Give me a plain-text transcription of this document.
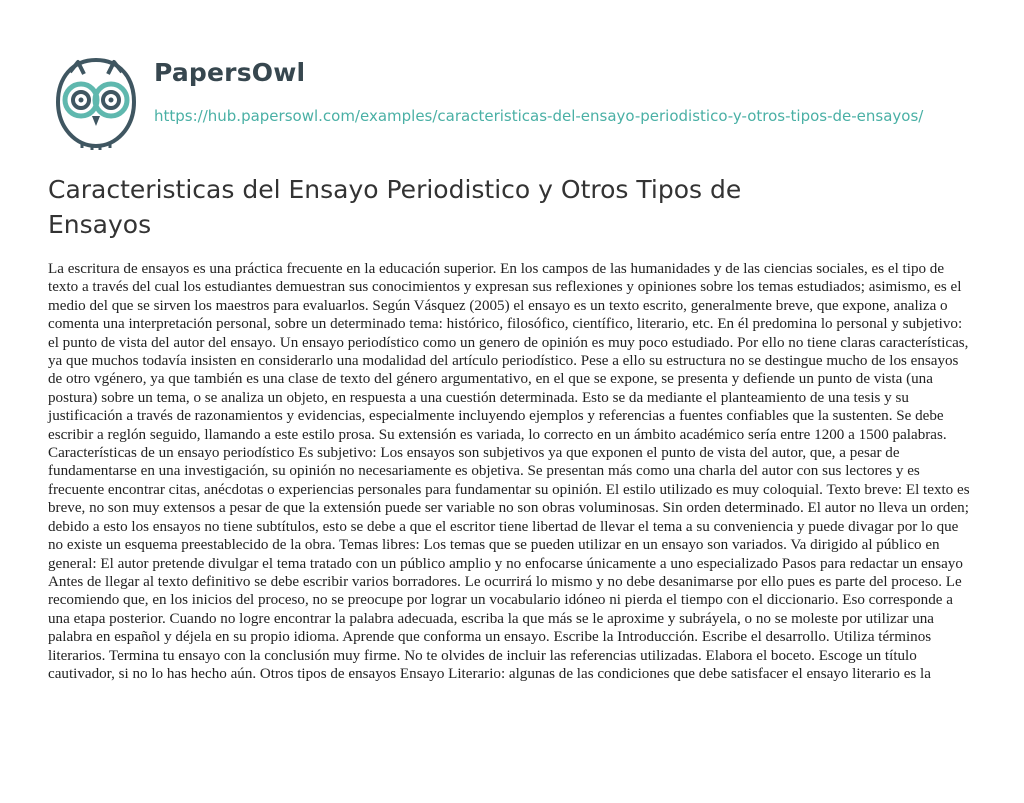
PapersOwl
https://hub.papersowl.com/examples/caracteristicas-del-ensayo-periodistico-y-otros-tipos-de-ensayos/
Caracteristicas del Ensayo Periodistico y Otros Tipos de Ensayos

La escritura de ensayos es una práctica frecuente en la educación superior. En los campos de las humanidades y de las ciencias sociales, es el tipo de texto a través del cual los estudiantes demuestran sus conocimientos y expresan sus reflexiones y opiniones sobre los temas estudiados; asimismo, es el medio del que se sirven los maestros para evaluarlos. Según Vásquez (2005) el ensayo es un texto escrito, generalmente breve, que expone, analiza o comenta una interpretación personal, sobre un determinado tema: histórico, filosófico, científico, literario, etc. En él predomina lo personal y subjetivo: el punto de vista del autor del ensayo. Un ensayo periodístico como un genero de opinión es muy poco estudiado. Por ello no tiene claras características, ya que muchos todavía insisten en considerarlo una modalidad del artículo periodístico. Pese a ello su estructura no se destingue mucho de los ensayos de otro vgénero, ya que también es una clase de texto del género argumentativo, en el que se expone, se presenta y defiende un punto de vista (una postura) sobre un tema, o se analiza un objeto, en respuesta a una cuestión determinada. Esto se da mediante el planteamiento de una tesis y su justificación a través de razonamientos y evidencias, especialmente incluyendo ejemplos y referencias a fuentes confiables que la sustenten. Se debe escribir a reglón seguido, llamando a este estilo prosa. Su extensión es variada, lo correcto en un ámbito académico sería entre 1200 a 1500 palabras. Características de un ensayo periodístico Es subjetivo: Los ensayos son subjetivos ya que exponen el punto de vista del autor, que, a pesar de fundamentarse en una investigación, su opinión no necesariamente es objetiva. Se presentan más como una charla del autor con sus lectores y es frecuente encontrar citas, anécdotas o experiencias personales para fundamentar su opinión. El estilo utilizado es muy coloquial. Texto breve: El texto es breve, no son muy extensos a pesar de que la extensión puede ser variable no son obras voluminosas. Sin orden determinado. El autor no lleva un orden; debido a esto los ensayos no tiene subtítulos, esto se debe a que el escritor tiene libertad de llevar el tema a su conveniencia y puede divagar por lo que no existe un esquema preestablecido de la obra. Temas libres: Los temas que se pueden utilizar en un ensayo son variados. Va dirigido al público en general: El autor pretende divulgar el tema tratado con un público amplio y no enfocarse únicamente a uno especializado Pasos para redactar un ensayo Antes de llegar al texto definitivo se debe escribir varios borradores. Le ocurrirá lo mismo y no debe desanimarse por ello pues es parte del proceso. Le recomiendo que, en los inicios del proceso, no se preocupe por lograr un vocabulario idóneo ni pierda el tiempo con el diccionario. Eso corresponde a una etapa posterior. Cuando no logre encontrar la palabra adecuada, escriba la que más se le aproxime y subráyela, o no se moleste por utilizar una palabra en español y déjela en su propio idioma. Aprende que conforma un ensayo. Escribe la Introducción. Escribe el desarrollo. Utiliza términos literarios. Termina tu ensayo con la conclusión muy firme. No te olvides de incluir las referencias utilizadas. Elabora el boceto. Escoge un título cautivador, si no lo has hecho aún. Otros tipos de ensayos Ensayo Literario: algunas de las condiciones que debe satisfacer el ensayo literario es la
